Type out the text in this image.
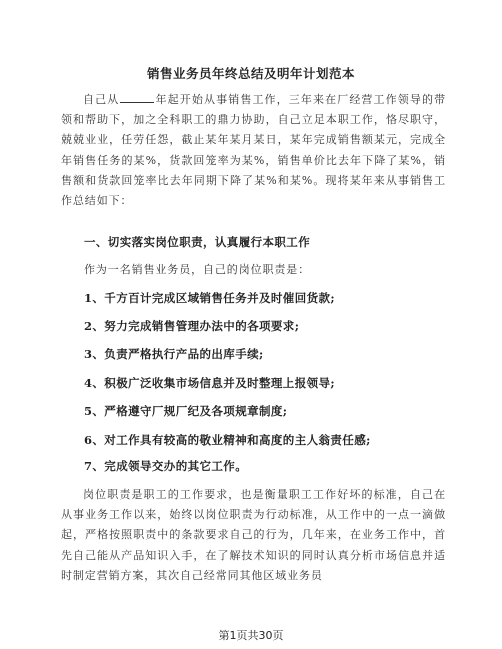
销售业务员年终总结及明年计划范本
自己从	年起开始从事销售工作，三年来在厂经营工作领导的带领和帮助下，加之全科职工的鼎力协助，自己立足本职工作，恪尽职守，兢兢业业，任劳任怨，截止某年某月某日，某年完成销售额某元，完成全年销售任务的某%，货款回笼率为某%，销售单价比去年下降了某%，销售额和货款回笼率比去年同期下降了某%和某%。现将某年来从事销售工作总结如下：
一、切实落实岗位职责，认真履行本职工作
作为一名销售业务员，自己的岗位职责是：
1、千方百计完成区域销售任务并及时催回货款;
2、努力完成销售管理办法中的各项要求;
3、负责严格执行产品的出库手续;
4、积极广泛收集市场信息并及时整理上报领导;
5、严格遵守厂规厂纪及各项规章制度;
6、对工作具有较高的敬业精神和高度的主人翁责任感;
7、完成领导交办的其它工作。
岗位职责是职工的工作要求，也是衡量职工工作好坏的标准，自己在从事业务工作以来，始终以岗位职责为行动标准，从工作中的一点一滴做起，严格按照职责中的条款要求自己的行为，几年来，在业务工作中，首先自己能从产品知识入手，在了解技术知识的同时认真分析市场信息并适时制定营销方案，其次自己经常同其他区域业务员
第1页共30页
